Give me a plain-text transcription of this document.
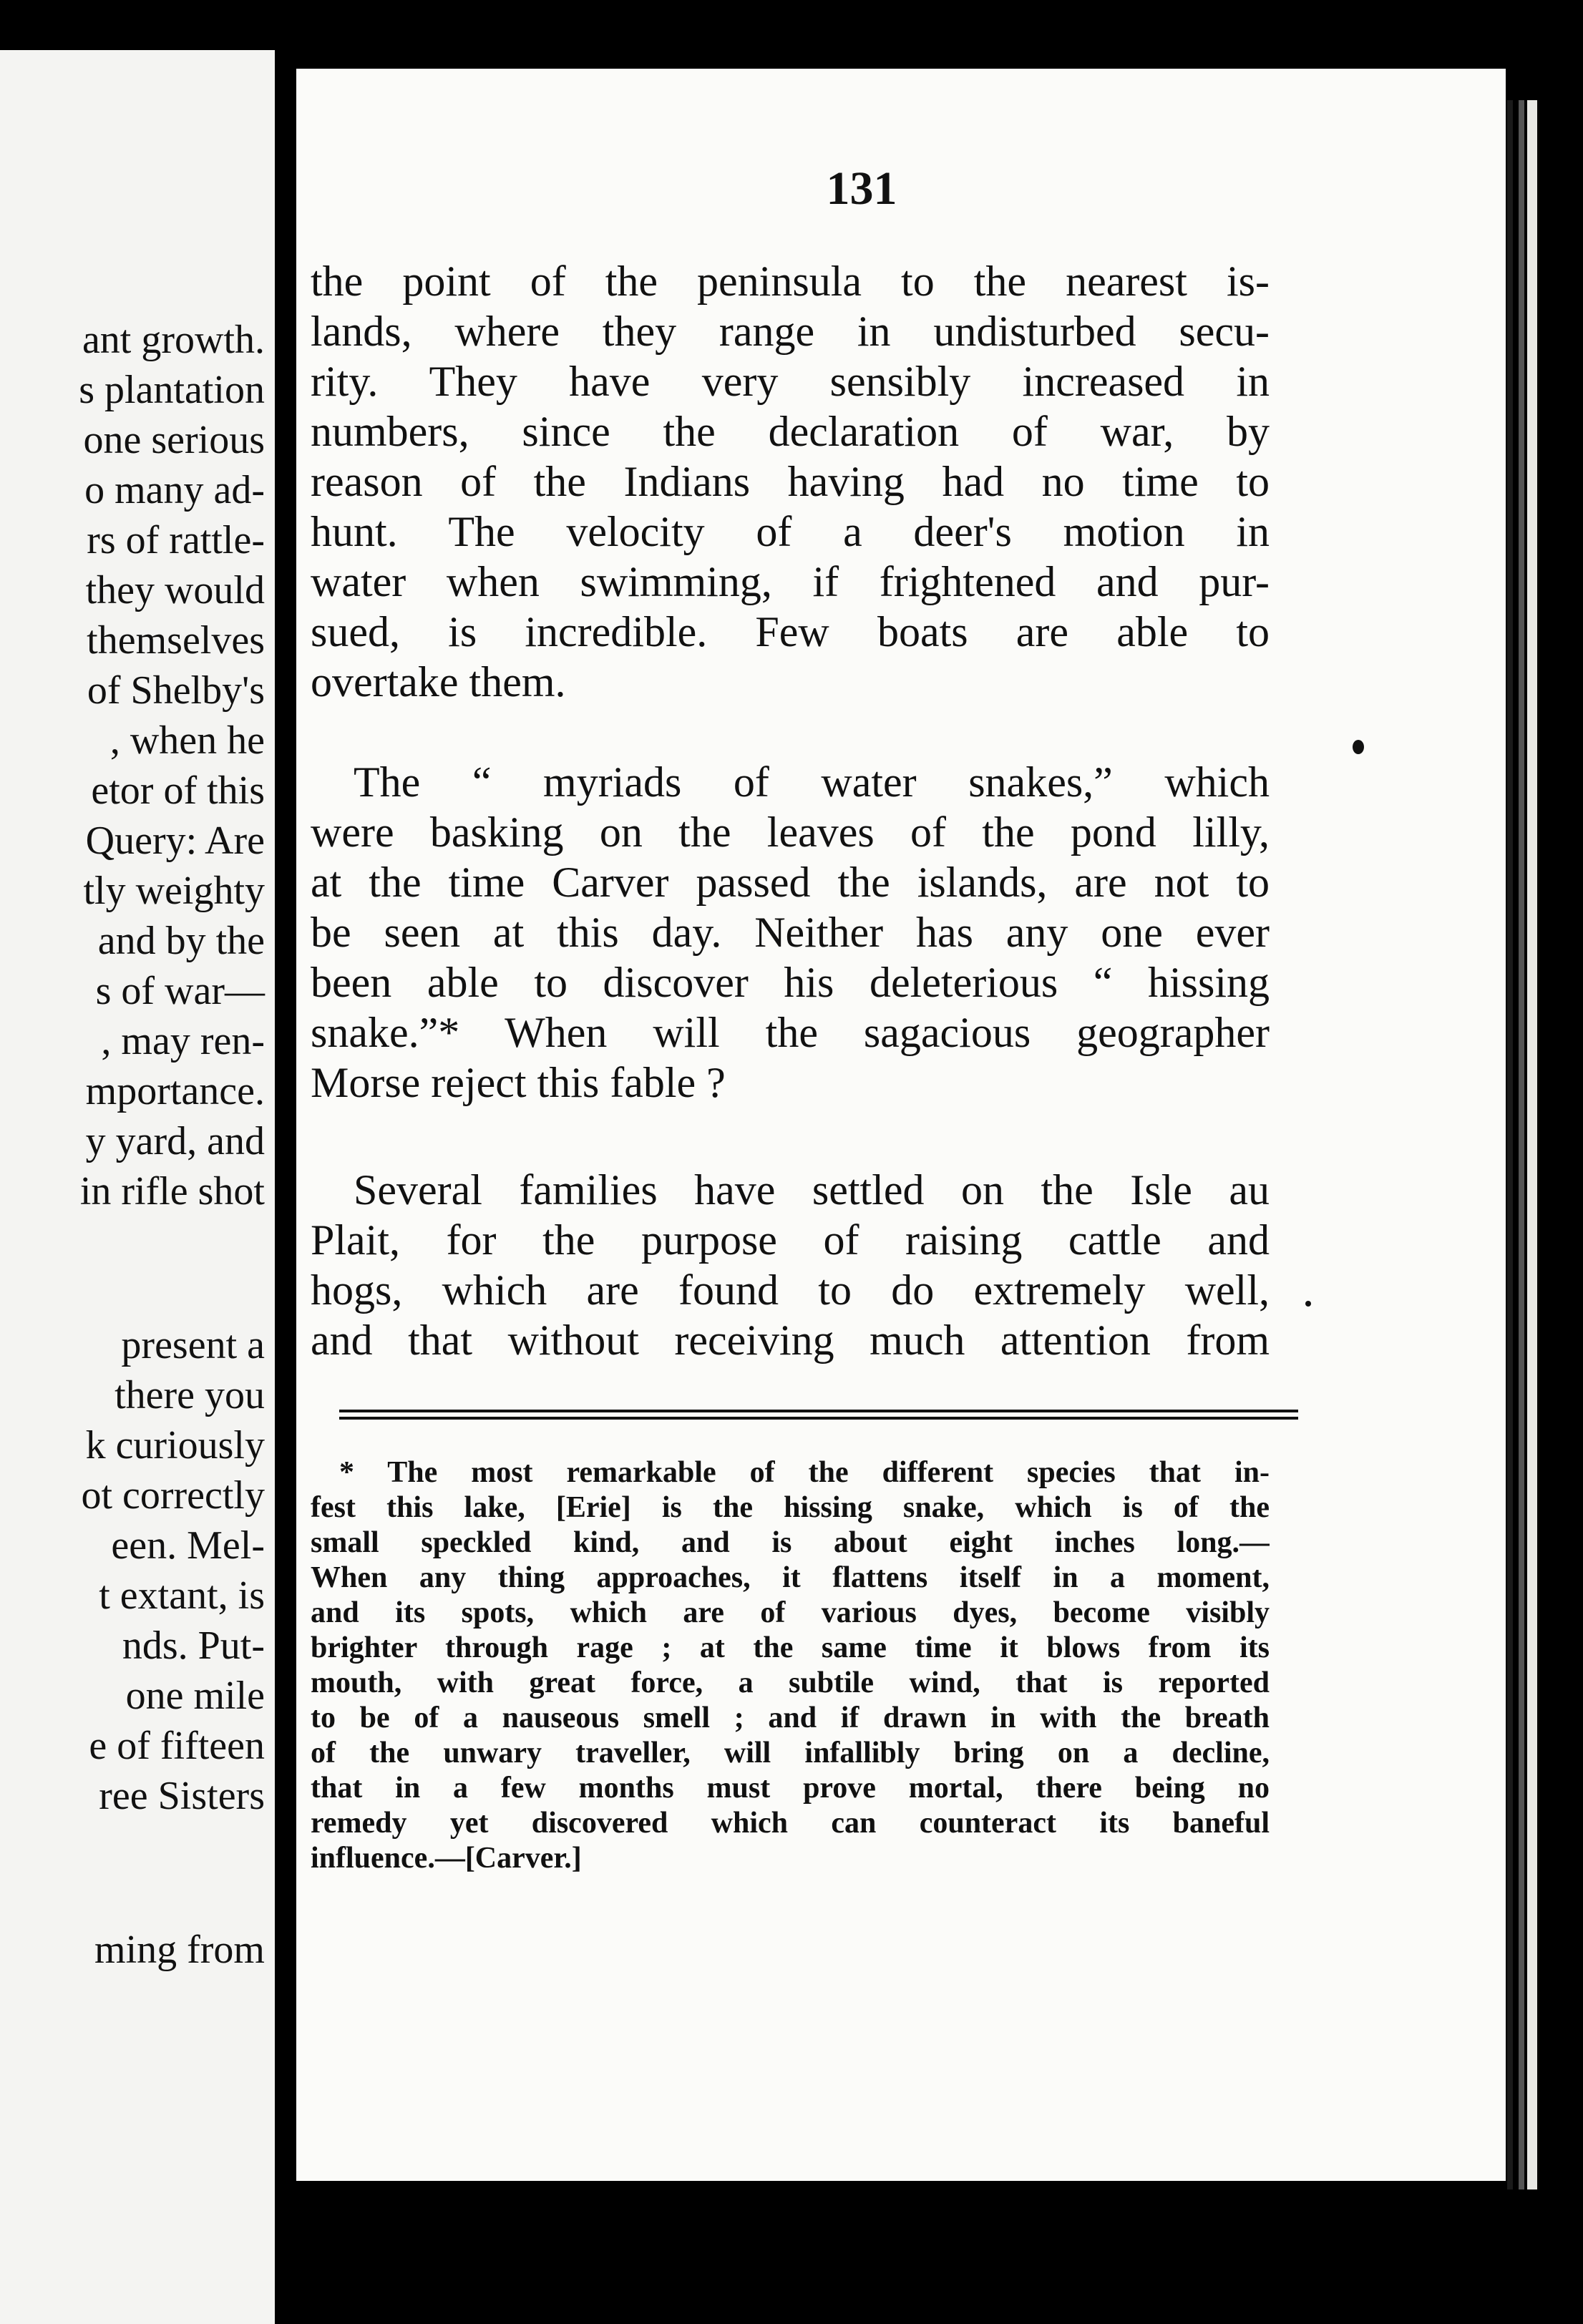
ant growth.
s plantation
one serious
o many ad-
rs of rattle-
they would
themselves
of Shelby's
, when he
etor of this
Query: Are
tly weighty
and by the
s of war—
, may ren-
mportance.
y yard, and
in rifle shot
present a
there you
k curiously
ot correctly
een. Mel-
t extant, is
nds. Put-
one mile
e of fifteen
ree Sisters
ming from
131
the point of the peninsula to the nearest is-
lands, where they range in undisturbed secu-
rity. They have very sensibly increased in
numbers, since the declaration of war, by
reason of the Indians having had no time to
hunt. The velocity of a deer's motion in
water when swimming, if frightened and pur-
sued, is incredible. Few boats are able to
overtake them.
The “ myriads of water snakes,” which
were basking on the leaves of the pond lilly,
at the time Carver passed the islands, are not to
be seen at this day. Neither has any one ever
been able to discover his deleterious “ hissing
snake.”* When will the sagacious geographer
Morse reject this fable ?
Several families have settled on the Isle au
Plait, for the purpose of raising cattle and
hogs, which are found to do extremely well,
and that without receiving much attention from
* The most remarkable of the different species that in-
fest this lake, [Erie] is the hissing snake, which is of the
small speckled kind, and is about eight inches long.—
When any thing approaches, it flattens itself in a moment,
and its spots, which are of various dyes, become visibly
brighter through rage ; at the same time it blows from its
mouth, with great force, a subtile wind, that is reported
to be of a nauseous smell ; and if drawn in with the breath
of the unwary traveller, will infallibly bring on a decline,
that in a few months must prove mortal, there being no
remedy yet discovered which can counteract its baneful
influence.—[Carver.]
